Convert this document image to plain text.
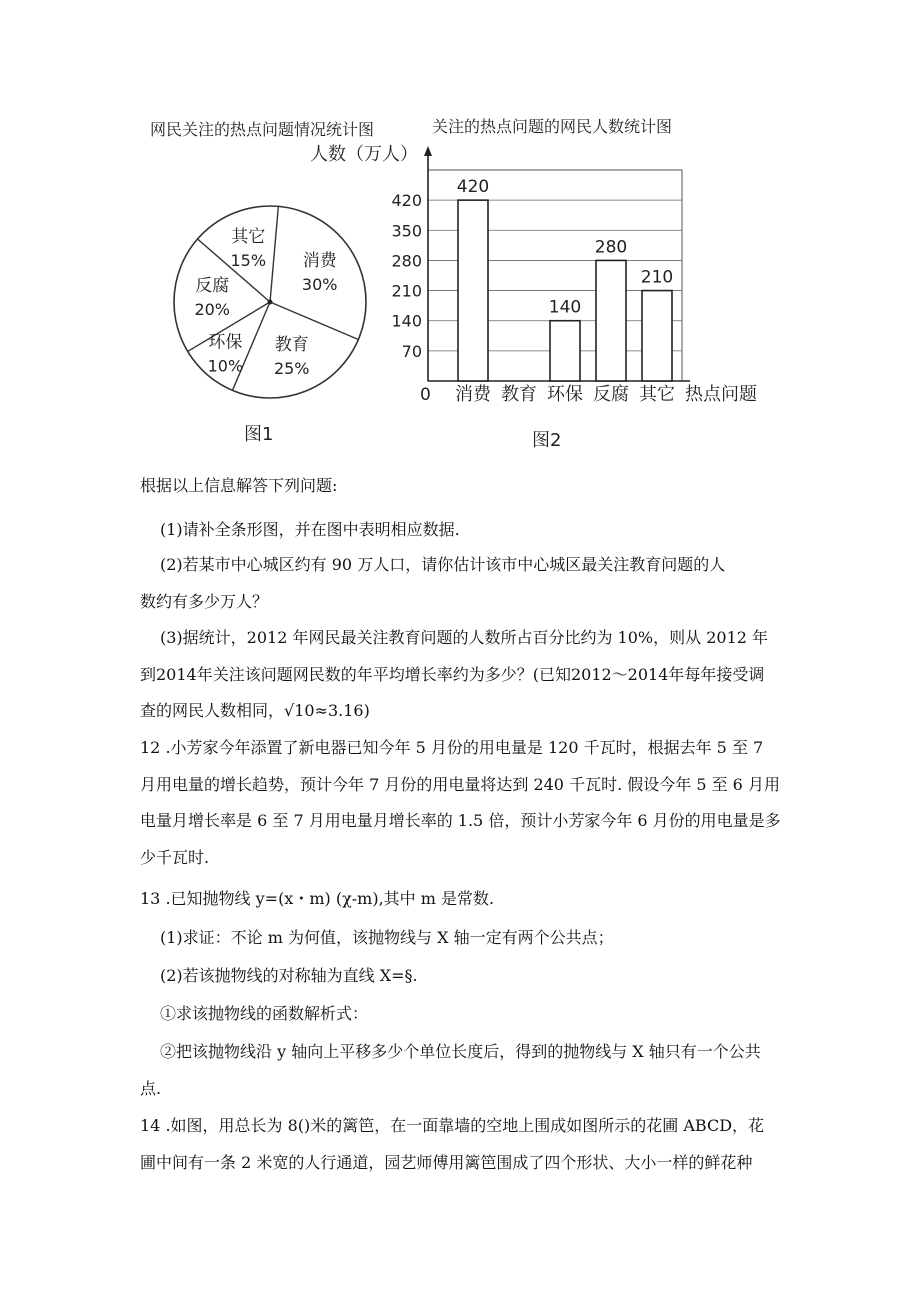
网民关注的热点问题情况统计图
消费
30%
教育
25%
环保
10%
反腐
20%
其它
15%
图1
关注的热点问题的网民人数统计图
人数（万人）
70
140
210
280
350
420
420
消费 教育
140
环保
280
反腐
210
其它
0	热点问题
图2
根据以上信息解答下列问题:
(1)请补全条形图，并在图中表明相应数据.
(2)若某市中心城区约有 90 万人口，请你估计该市中心城区最关注教育问题的人
数约有多少万人？
(3)据统计，2012 年网民最关注教育问题的人数所占百分比约为 10%，则从 2012 年
到2014年关注该问题网民数的年平均增长率约为多少？(已知2012～2014年每年接受调
查的网民人数相同，√10≈3.16)
12 .小芳家今年添置了新电器已知今年 5 月份的用电量是 120 千瓦时，根据去年 5 至 7
月用电量的增长趋势，预计今年 7 月份的用电量将达到 240 千瓦时. 假设今年 5 至 6 月用
电量月增长率是 6 至 7 月用电量月增长率的 1.5 倍，预计小芳家今年 6 月份的用电量是多
少千瓦时.
13 .已知抛物线 y=(x・m) (χ-m),其中 m 是常数.
(1)求证：不论 m 为何值，该抛物线与 X 轴一定有两个公共点；
(2)若该抛物线的对称轴为直线 X=§.
①求该抛物线的函数解析式：
②把该抛物线沿 y 轴向上平移多少个单位长度后，得到的抛物线与 X 轴只有一个公共
点.
14 .如图，用总长为 8()米的篱笆，在一面靠墙的空地上围成如图所示的花圃 ABCD，花
圃中间有一条 2 米宽的人行通道，园艺师傅用篱笆围成了四个形状、大小一样的鲜花种
